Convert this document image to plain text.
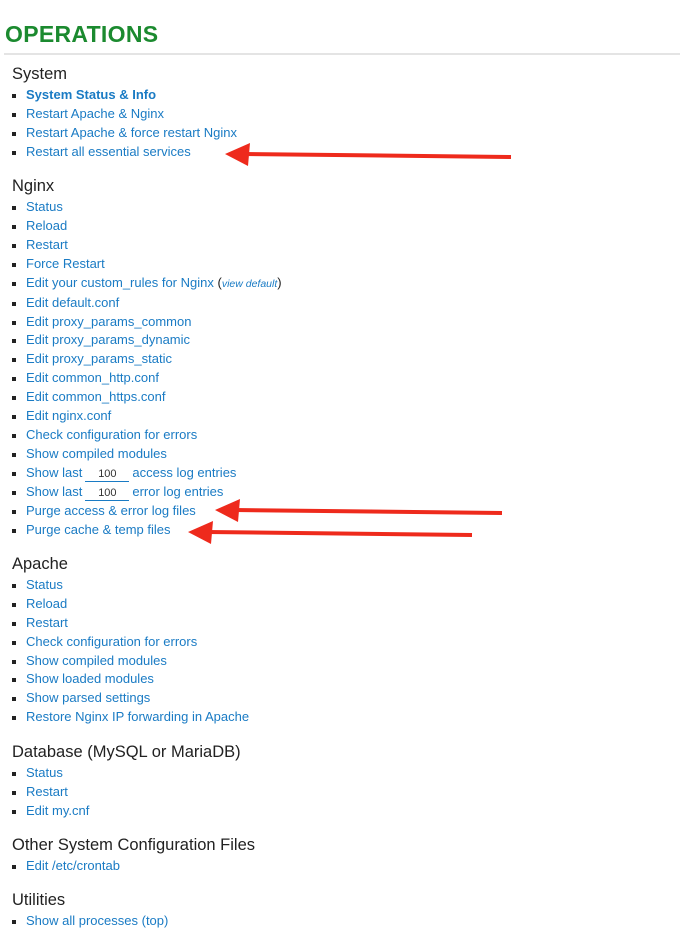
OPERATIONS
System
System Status & Info
Restart Apache & Nginx
Restart Apache & force restart Nginx
Restart all essential services
Nginx
Status
Reload
Restart
Force Restart
Edit your custom_rules for Nginx (view default)
Edit default.conf
Edit proxy_params_common
Edit proxy_params_dynamic
Edit proxy_params_static
Edit common_http.conf
Edit common_https.conf
Edit nginx.conf
Check configuration for errors
Show compiled modules
Show last100	access log entries
Show last100	error log entries
Purge access & error log files
Purge cache & temp files
Apache
Status
Reload
Restart
Check configuration for errors
Show compiled modules
Show loaded modules
Show parsed settings
Restore Nginx IP forwarding in Apache
Database (MySQL or MariaDB)
Status
Restart
Edit my.cnf
Other System Configuration Files
Edit /etc/crontab
Utilities
Show all processes (top)
